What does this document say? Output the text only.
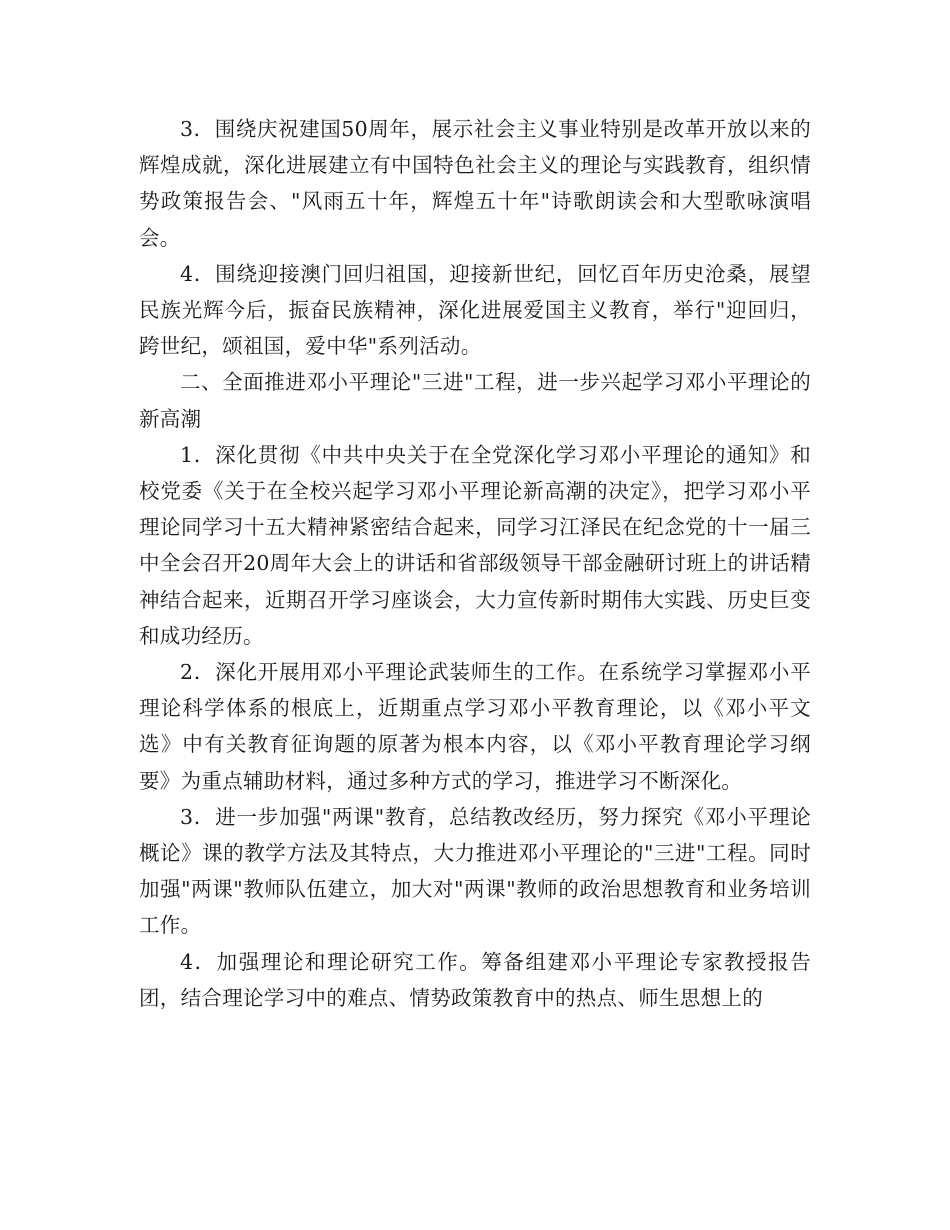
3．围绕庆祝建国50周年，展示社会主义事业特别是改革开放以来的辉煌成就，深化进展建立有中国特色社会主义的理论与实践教育，组织情势政策报告会、"风雨五十年，辉煌五十年"诗歌朗读会和大型歌咏演唱会。

4．围绕迎接澳门回归祖国，迎接新世纪，回忆百年历史沧桑，展望民族光辉今后，振奋民族精神，深化进展爱国主义教育，举行"迎回归，跨世纪，颂祖国，爱中华"系列活动。

二、全面推进邓小平理论"三进"工程，进一步兴起学习邓小平理论的新高潮

1．深化贯彻《中共中央关于在全党深化学习邓小平理论的通知》和校党委《关于在全校兴起学习邓小平理论新高潮的决定》，把学习邓小平理论同学习十五大精神紧密结合起来，同学习江泽民在纪念党的十一届三中全会召开20周年大会上的讲话和省部级领导干部金融研讨班上的讲话精神结合起来，近期召开学习座谈会，大力宣传新时期伟大实践、历史巨变和成功经历。

2．深化开展用邓小平理论武装师生的工作。在系统学习掌握邓小平理论科学体系的根底上，近期重点学习邓小平教育理论，以《邓小平文选》中有关教育征询题的原著为根本内容，以《邓小平教育理论学习纲要》为重点辅助材料，通过多种方式的学习，推进学习不断深化。

3．进一步加强"两课"教育，总结教改经历，努力探究《邓小平理论概论》课的教学方法及其特点，大力推进邓小平理论的"三进"工程。同时加强"两课"教师队伍建立，加大对"两课"教师的政治思想教育和业务培训工作。

4．加强理论和理论研究工作。筹备组建邓小平理论专家教授报告团，结合理论学习中的难点、情势政策教育中的热点、师生思想上的
